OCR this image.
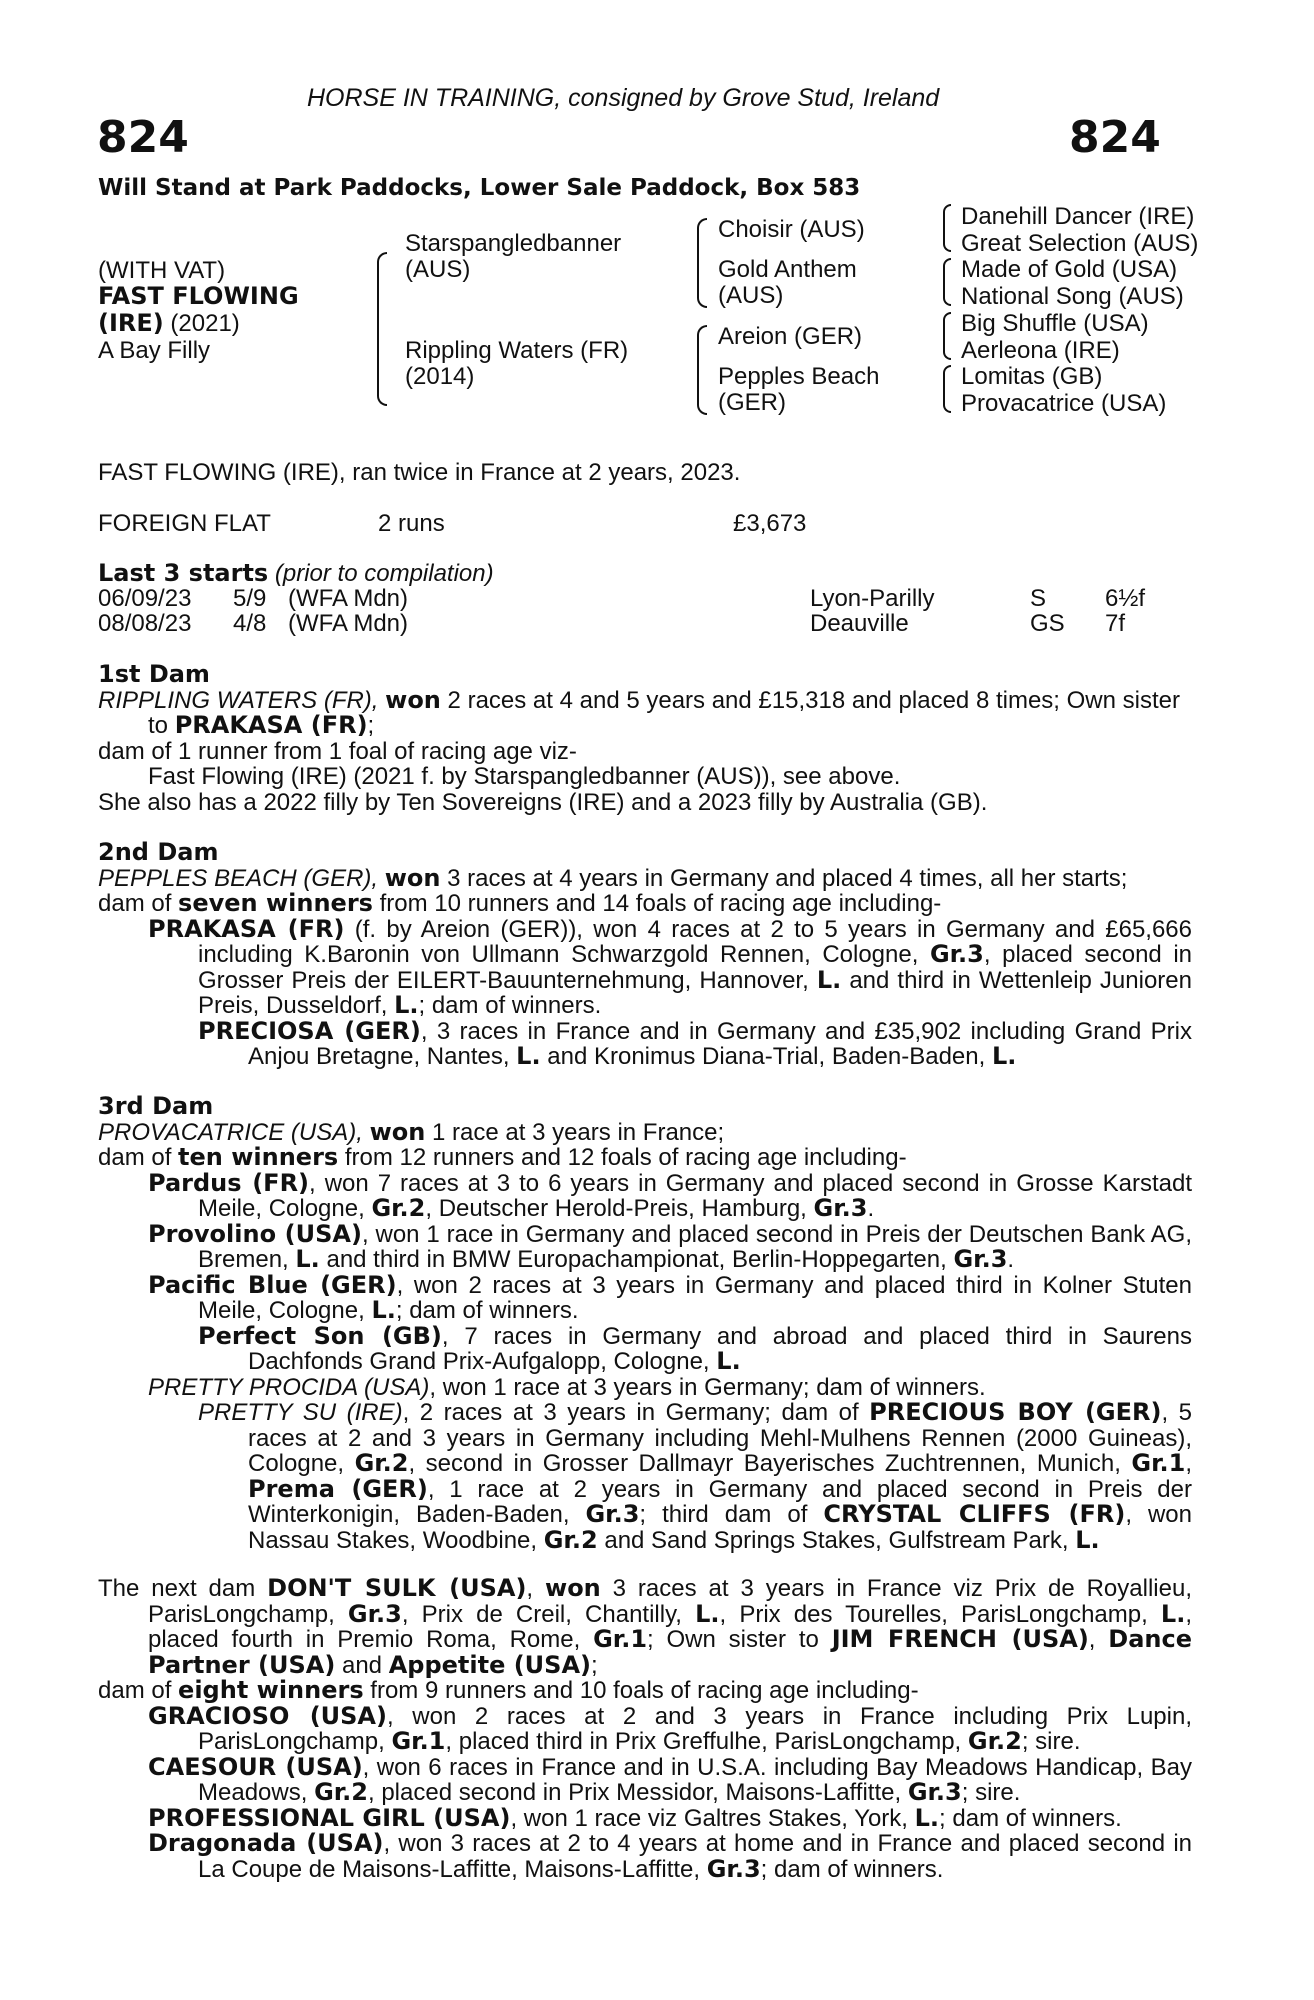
HORSE IN TRAINING, consigned by Grove Stud, Ireland
824	824
Will Stand at Park Paddocks, Lower Sale Paddock, Box 583
(WITH VAT)
FAST FLOWING
(IRE) (2021)
A Bay Filly
Starspangledbanner
(AUS)
Rippling Waters (FR)
(2014)
Choisir (AUS)
Gold Anthem
(AUS)
Areion (GER)
Pepples Beach
(GER)
Danehill Dancer (IRE)
Great Selection (AUS)
Made of Gold (USA)
National Song (AUS)
Big Shuffle (USA)
Aerleona (IRE)
Lomitas (GB)
Provacatrice (USA)
FAST FLOWING (IRE), ran twice in France at 2 years, 2023.
FOREIGN FLAT	2 runs	£3,673
Last 3 starts (prior to compilation)
06/09/23 5/9 (WFA Mdn)	Lyon-Parilly	S 6½f
08/08/23 4/8 (WFA Mdn)	Deauville	GS 7f

1st Dam

RIPPLING WATERS (FR), won 2 races at 4 and 5 years and £15,318 and placed 8 times; Own sister to PRAKASA (FR);

dam of 1 runner from 1 foal of racing age viz-

Fast Flowing (IRE) (2021 f. by Starspangledbanner (AUS)), see above.

She also has a 2022 filly by Ten Sovereigns (IRE) and a 2023 filly by Australia (GB).

2nd Dam

PEPPLES BEACH (GER), won 3 races at 4 years in Germany and placed 4 times, all her starts;

dam of seven winners from 10 runners and 14 foals of racing age including-

PRAKASA (FR) (f. by Areion (GER)), won 4 races at 2 to 5 years in Germany and £65,666 including K.Baronin von Ullmann Schwarzgold Rennen, Cologne, Gr.3, placed second in Grosser Preis der EILERT-Bauunternehmung, Hannover, L. and third in Wettenleip Junioren Preis, Dusseldorf, L.; dam of winners.

PRECIOSA (GER), 3 races in France and in Germany and £35,902 including Grand Prix Anjou Bretagne, Nantes, L. and Kronimus Diana-Trial, Baden-Baden, L.

3rd Dam

PROVACATRICE (USA), won 1 race at 3 years in France;

dam of ten winners from 12 runners and 12 foals of racing age including-

Pardus (FR), won 7 races at 3 to 6 years in Germany and placed second in Grosse Karstadt Meile, Cologne, Gr.2, Deutscher Herold-Preis, Hamburg, Gr.3.

Provolino (USA), won 1 race in Germany and placed second in Preis der Deutschen Bank AG, Bremen, L. and third in BMW Europachampionat, Berlin-Hoppegarten, Gr.3.

Pacific Blue (GER), won 2 races at 3 years in Germany and placed third in Kolner Stuten Meile, Cologne, L.; dam of winners.

Perfect Son (GB), 7 races in Germany and abroad and placed third in Saurens Dachfonds Grand Prix-Aufgalopp, Cologne, L.

PRETTY PROCIDA (USA), won 1 race at 3 years in Germany; dam of winners.

PRETTY SU (IRE), 2 races at 3 years in Germany; dam of PRECIOUS BOY (GER), 5 races at 2 and 3 years in Germany including Mehl-Mulhens Rennen (2000 Guineas), Cologne, Gr.2, second in Grosser Dallmayr Bayerisches Zuchtrennen, Munich, Gr.1, Prema (GER), 1 race at 2 years in Germany and placed second in Preis der Winterkonigin, Baden-Baden, Gr.3; third dam of CRYSTAL CLIFFS (FR), won Nassau Stakes, Woodbine, Gr.2 and Sand Springs Stakes, Gulfstream Park, L.

The next dam DON'T SULK (USA), won 3 races at 3 years in France viz Prix de Royallieu, ParisLongchamp, Gr.3, Prix de Creil, Chantilly, L., Prix des Tourelles, ParisLongchamp, L., placed fourth in Premio Roma, Rome, Gr.1; Own sister to JIM FRENCH (USA), Dance Partner (USA) and Appetite (USA);

dam of eight winners from 9 runners and 10 foals of racing age including-

GRACIOSO (USA), won 2 races at 2 and 3 years in France including Prix Lupin, ParisLongchamp, Gr.1, placed third in Prix Greffulhe, ParisLongchamp, Gr.2; sire.

CAESOUR (USA), won 6 races in France and in U.S.A. including Bay Meadows Handicap, Bay Meadows, Gr.2, placed second in Prix Messidor, Maisons-Laffitte, Gr.3; sire.

PROFESSIONAL GIRL (USA), won 1 race viz Galtres Stakes, York, L.; dam of winners.

Dragonada (USA), won 3 races at 2 to 4 years at home and in France and placed second in La Coupe de Maisons-Laffitte, Maisons-Laffitte, Gr.3; dam of winners.
